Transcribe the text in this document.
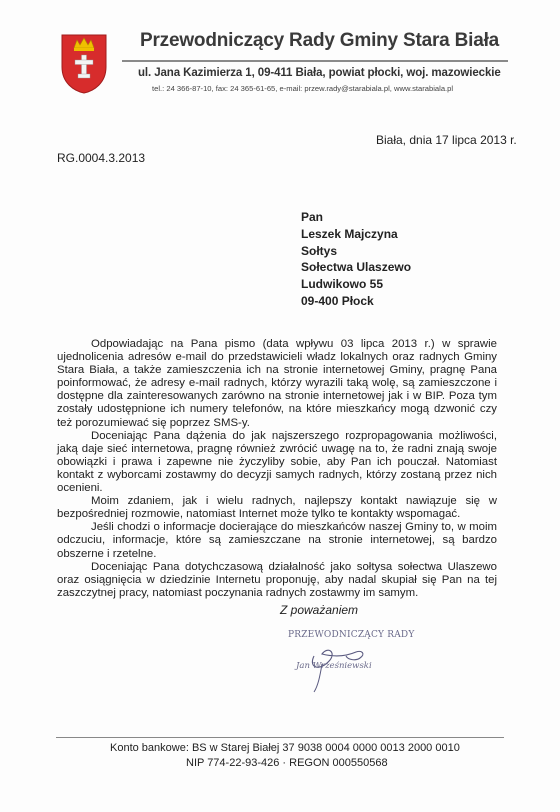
Przewodniczący Rady Gminy Stara Biała
ul. Jana Kazimierza 1, 09-411 Biała, powiat płocki, woj. mazowieckie
tel.: 24 366-87-10, fax: 24 365-61-65, e-mail: przew.rady@starabiala.pl, www.starabiala.pl
Biała, dnia 17 lipca 2013 r.
RG.0004.3.2013
Pan
Leszek Majczyna
Sołtys
Sołectwa Ulaszewo
Ludwikowo 55
09-400 Płock

Odpowiadając na Pana pismo (data wpływu 03 lipca 2013 r.) w sprawie ujednolicenia adresów e-mail do przedstawicieli władz lokalnych oraz radnych Gminy Stara Biała, a także zamieszczenia ich na stronie internetowej Gminy, pragnę Pana poinformować, że adresy e-mail radnych, którzy wyrazili taką wolę, są zamieszczone i dostępne dla zainteresowanych zarówno na stronie internetowej jak i w BIP. Poza tym zostały udostępnione ich numery telefonów, na które mieszkańcy mogą dzwonić czy też porozumiewać się poprzez SMS-y.

Doceniając Pana dążenia do jak najszerszego rozpropagowania możliwości, jaką daje sieć internetowa, pragnę również zwrócić uwagę na to, że radni znają swoje obowiązki i prawa i zapewne nie życzyliby sobie, aby Pan ich pouczał. Natomiast kontakt z wyborcami zostawmy do decyzji samych radnych, którzy zostaną przez nich ocenieni.

Moim zdaniem, jak i wielu radnych, najlepszy kontakt nawiązuje się w bezpośredniej rozmowie, natomiast Internet może tylko te kontakty wspomagać.

Jeśli chodzi o informacje docierające do mieszkańców naszej Gminy to, w moim odczuciu, informacje, które są zamieszczane na stronie internetowej, są bardzo obszerne i rzetelne.

Doceniając Pana dotychczasową działalność jako sołtysa sołectwa Ulaszewo oraz osiągnięcia w dziedzinie Internetu proponuję, aby nadal skupiał się Pan na tej zaszczytnej pracy, natomiast poczynania radnych zostawmy im samym.

Z poważaniem
PRZEWODNICZĄCY RADY
Jan Wrześniewski
Konto bankowe: BS w Starej Białej 37 9038 0004 0000 0013 2000 0010
NIP 774-22-93-426 · REGON 000550568
